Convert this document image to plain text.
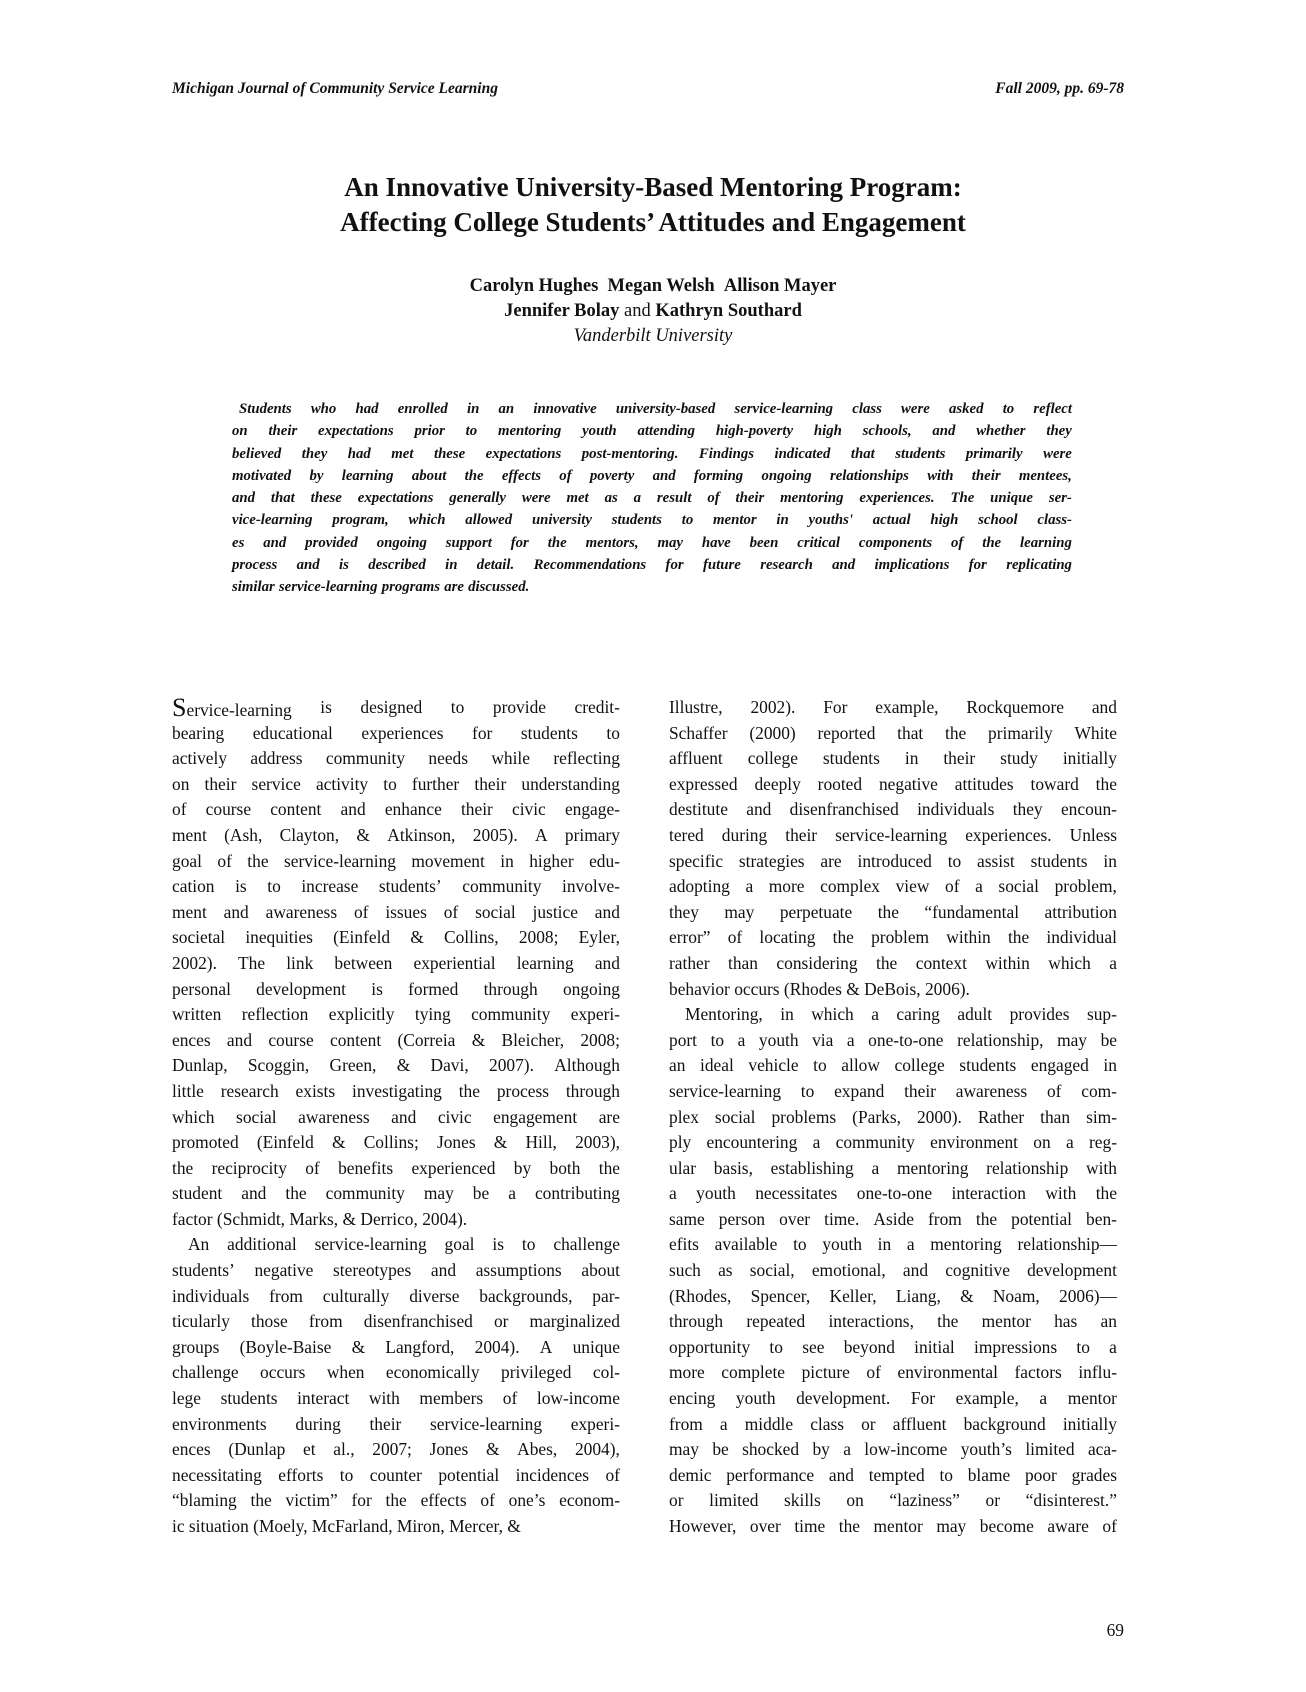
Michigan Journal of Community Service Learning	Fall 2009, pp. 69-78
An Innovative University-Based Mentoring Program:
Affecting College Students’ Attitudes and Engagement
Carolyn Hughes Megan Welsh Allison Mayer
Jennifer Bolay and Kathryn Southard
Vanderbilt University
Students who had enrolled in an innovative university-based service-learning class were asked to reflect
on their expectations prior to mentoring youth attending high-poverty high schools, and whether they
believed they had met these expectations post-mentoring. Findings indicated that students primarily were
motivated by learning about the effects of poverty and forming ongoing relationships with their mentees,
and that these expectations generally were met as a result of their mentoring experiences. The unique ser-
vice-learning program, which allowed university students to mentor in youths' actual high school class-
es and provided ongoing support for the mentors, may have been critical components of the learning
process and is described in detail. Recommendations for future research and implications for replicating
similar service-learning programs are discussed.
Service-learning is designed to provide credit-
bearing educational experiences for students to
actively address community needs while reflecting
on their service activity to further their understanding
of course content and enhance their civic engage-
ment (Ash, Clayton, & Atkinson, 2005). A primary
goal of the service-learning movement in higher edu-
cation is to increase students’ community involve-
ment and awareness of issues of social justice and
societal inequities (Einfeld & Collins, 2008; Eyler,
2002). The link between experiential learning and
personal development is formed through ongoing
written reflection explicitly tying community experi-
ences and course content (Correia & Bleicher, 2008;
Dunlap, Scoggin, Green, & Davi, 2007). Although
little research exists investigating the process through
which social awareness and civic engagement are
promoted (Einfeld & Collins; Jones & Hill, 2003),
the reciprocity of benefits experienced by both the
student and the community may be a contributing
factor (Schmidt, Marks, & Derrico, 2004).
An additional service-learning goal is to challenge
students’ negative stereotypes and assumptions about
individuals from culturally diverse backgrounds, par-
ticularly those from disenfranchised or marginalized
groups (Boyle-Baise & Langford, 2004). A unique
challenge occurs when economically privileged col-
lege students interact with members of low-income
environments during their service-learning experi-
ences (Dunlap et al., 2007; Jones & Abes, 2004),
necessitating efforts to counter potential incidences of
“blaming the victim” for the effects of one’s econom-
ic situation (Moely, McFarland, Miron, Mercer, &
Illustre, 2002). For example, Rockquemore and
Schaffer (2000) reported that the primarily White
affluent college students in their study initially
expressed deeply rooted negative attitudes toward the
destitute and disenfranchised individuals they encoun-
tered during their service-learning experiences. Unless
specific strategies are introduced to assist students in
adopting a more complex view of a social problem,
they may perpetuate the “fundamental attribution
error” of locating the problem within the individual
rather than considering the context within which a
behavior occurs (Rhodes & DeBois, 2006).
Mentoring, in which a caring adult provides sup-
port to a youth via a one-to-one relationship, may be
an ideal vehicle to allow college students engaged in
service-learning to expand their awareness of com-
plex social problems (Parks, 2000). Rather than sim-
ply encountering a community environment on a reg-
ular basis, establishing a mentoring relationship with
a youth necessitates one-to-one interaction with the
same person over time. Aside from the potential ben-
efits available to youth in a mentoring relationship—
such as social, emotional, and cognitive development
(Rhodes, Spencer, Keller, Liang, & Noam, 2006)—
through repeated interactions, the mentor has an
opportunity to see beyond initial impressions to a
more complete picture of environmental factors influ-
encing youth development. For example, a mentor
from a middle class or affluent background initially
may be shocked by a low-income youth’s limited aca-
demic performance and tempted to blame poor grades
or limited skills on “laziness” or “disinterest.”
However, over time the mentor may become aware of
69
